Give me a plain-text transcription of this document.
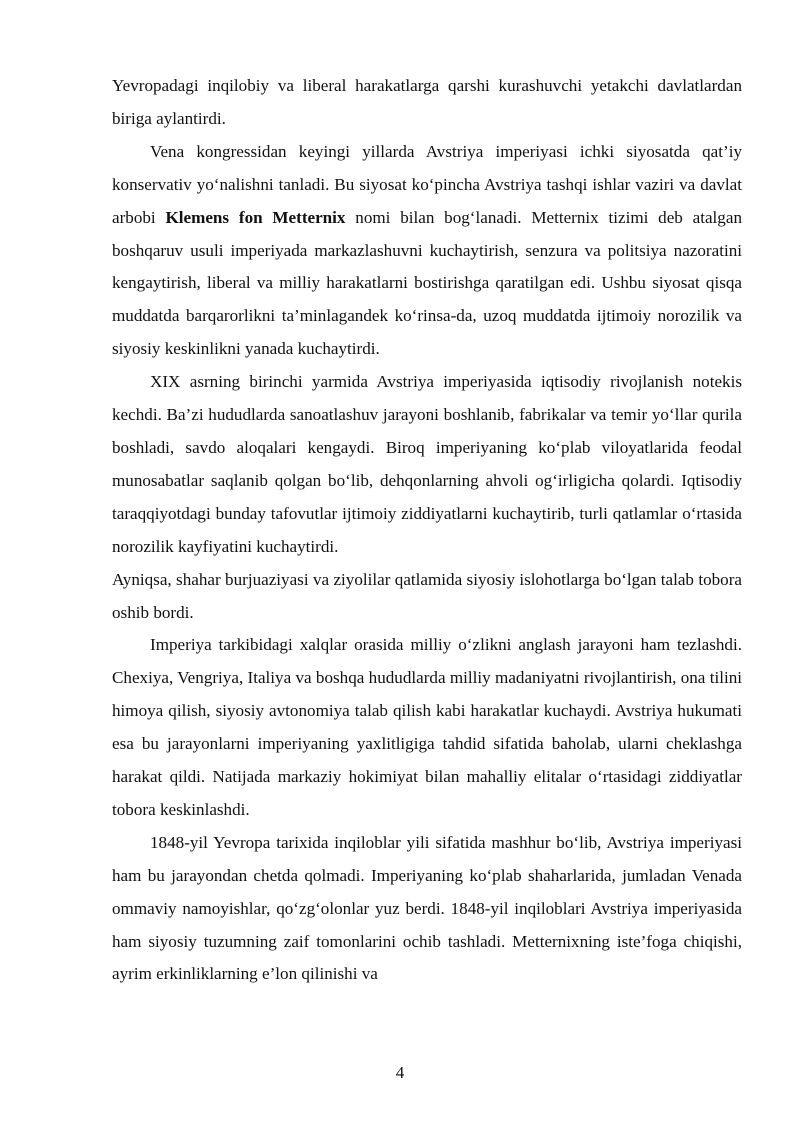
Yevropadagi inqilobiy va liberal harakatlarga qarshi kurashuvchi yetakchi davlatlardan biriga aylantirdi.

Vena kongressidan keyingi yillarda Avstriya imperiyasi ichki siyosatda qat’iy konservativ yo‘nalishni tanladi. Bu siyosat ko‘pincha Avstriya tashqi ishlar vaziri va davlat arbobi Klemens fon Metternix nomi bilan bog‘lanadi. Metternix tizimi deb atalgan boshqaruv usuli imperiyada markazlashuvni kuchaytirish, senzura va politsiya nazoratini kengaytirish, liberal va milliy harakatlarni bostirishga qaratilgan edi. Ushbu siyosat qisqa muddatda barqarorlikni ta’minlagandek ko‘rinsa-da, uzoq muddatda ijtimoiy norozilik va siyosiy keskinlikni yanada kuchaytirdi.

XIX asrning birinchi yarmida Avstriya imperiyasida iqtisodiy rivojlanish notekis kechdi. Ba’zi hududlarda sanoatlashuv jarayoni boshlanib, fabrikalar va temir yo‘llar qurila boshladi, savdo aloqalari kengaydi. Biroq imperiyaning ko‘plab viloyatlarida feodal munosabatlar saqlanib qolgan bo‘lib, dehqonlarning ahvoli og‘irligicha qolardi. Iqtisodiy taraqqiyotdagi bunday tafovutlar ijtimoiy ziddiyatlarni kuchaytirib, turli qatlamlar o‘rtasida norozilik kayfiyatini kuchaytirdi.

Ayniqsa, shahar burjuaziyasi va ziyolilar qatlamida siyosiy islohotlarga bo‘lgan talab tobora oshib bordi.

Imperiya tarkibidagi xalqlar orasida milliy o‘zlikni anglash jarayoni ham tezlashdi. Chexiya, Vengriya, Italiya va boshqa hududlarda milliy madaniyatni rivojlantirish, ona tilini himoya qilish, siyosiy avtonomiya talab qilish kabi harakatlar kuchaydi. Avstriya hukumati esa bu jarayonlarni imperiyaning yaxlitligiga tahdid sifatida baholab, ularni cheklashga harakat qildi. Natijada markaziy hokimiyat bilan mahalliy elitalar o‘rtasidagi ziddiyatlar tobora keskinlashdi.

1848-yil Yevropa tarixida inqiloblar yili sifatida mashhur bo‘lib, Avstriya imperiyasi ham bu jarayondan chetda qolmadi. Imperiyaning ko‘plab shaharlarida, jumladan Venada ommaviy namoyishlar, qo‘zg‘olonlar yuz berdi. 1848-yil inqiloblari Avstriya imperiyasida ham siyosiy tuzumning zaif tomonlarini ochib tashladi. Metternixning iste’foga chiqishi, ayrim erkinliklarning e’lon qilinishi va

4
